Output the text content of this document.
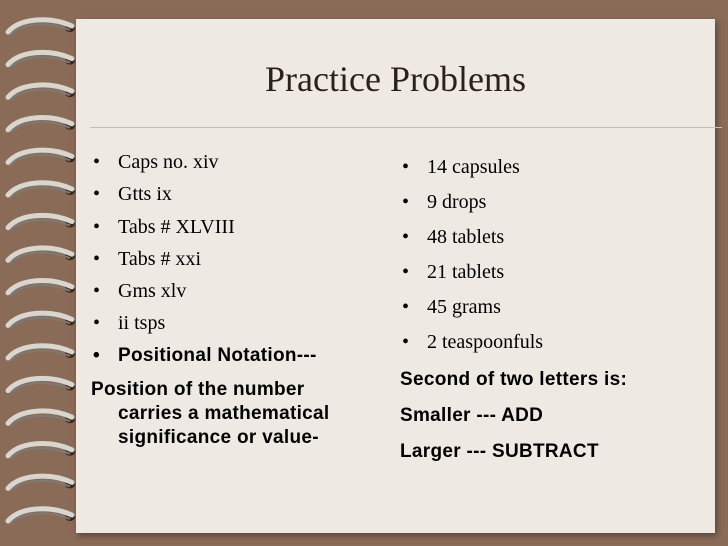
Practice Problems
• Caps no. xiv
• Gtts ix
• Tabs # XLVIII
• Tabs # xxi
• Gms xlv
• ii tsps
• Positional Notation---
Position of the number
carries a mathematical
significance or value-
• 14 capsules
• 9 drops
• 48 tablets
• 21 tablets
• 45 grams
• 2 teaspoonfuls
Second of two letters is:
Smaller --- ADD
Larger --- SUBTRACT
